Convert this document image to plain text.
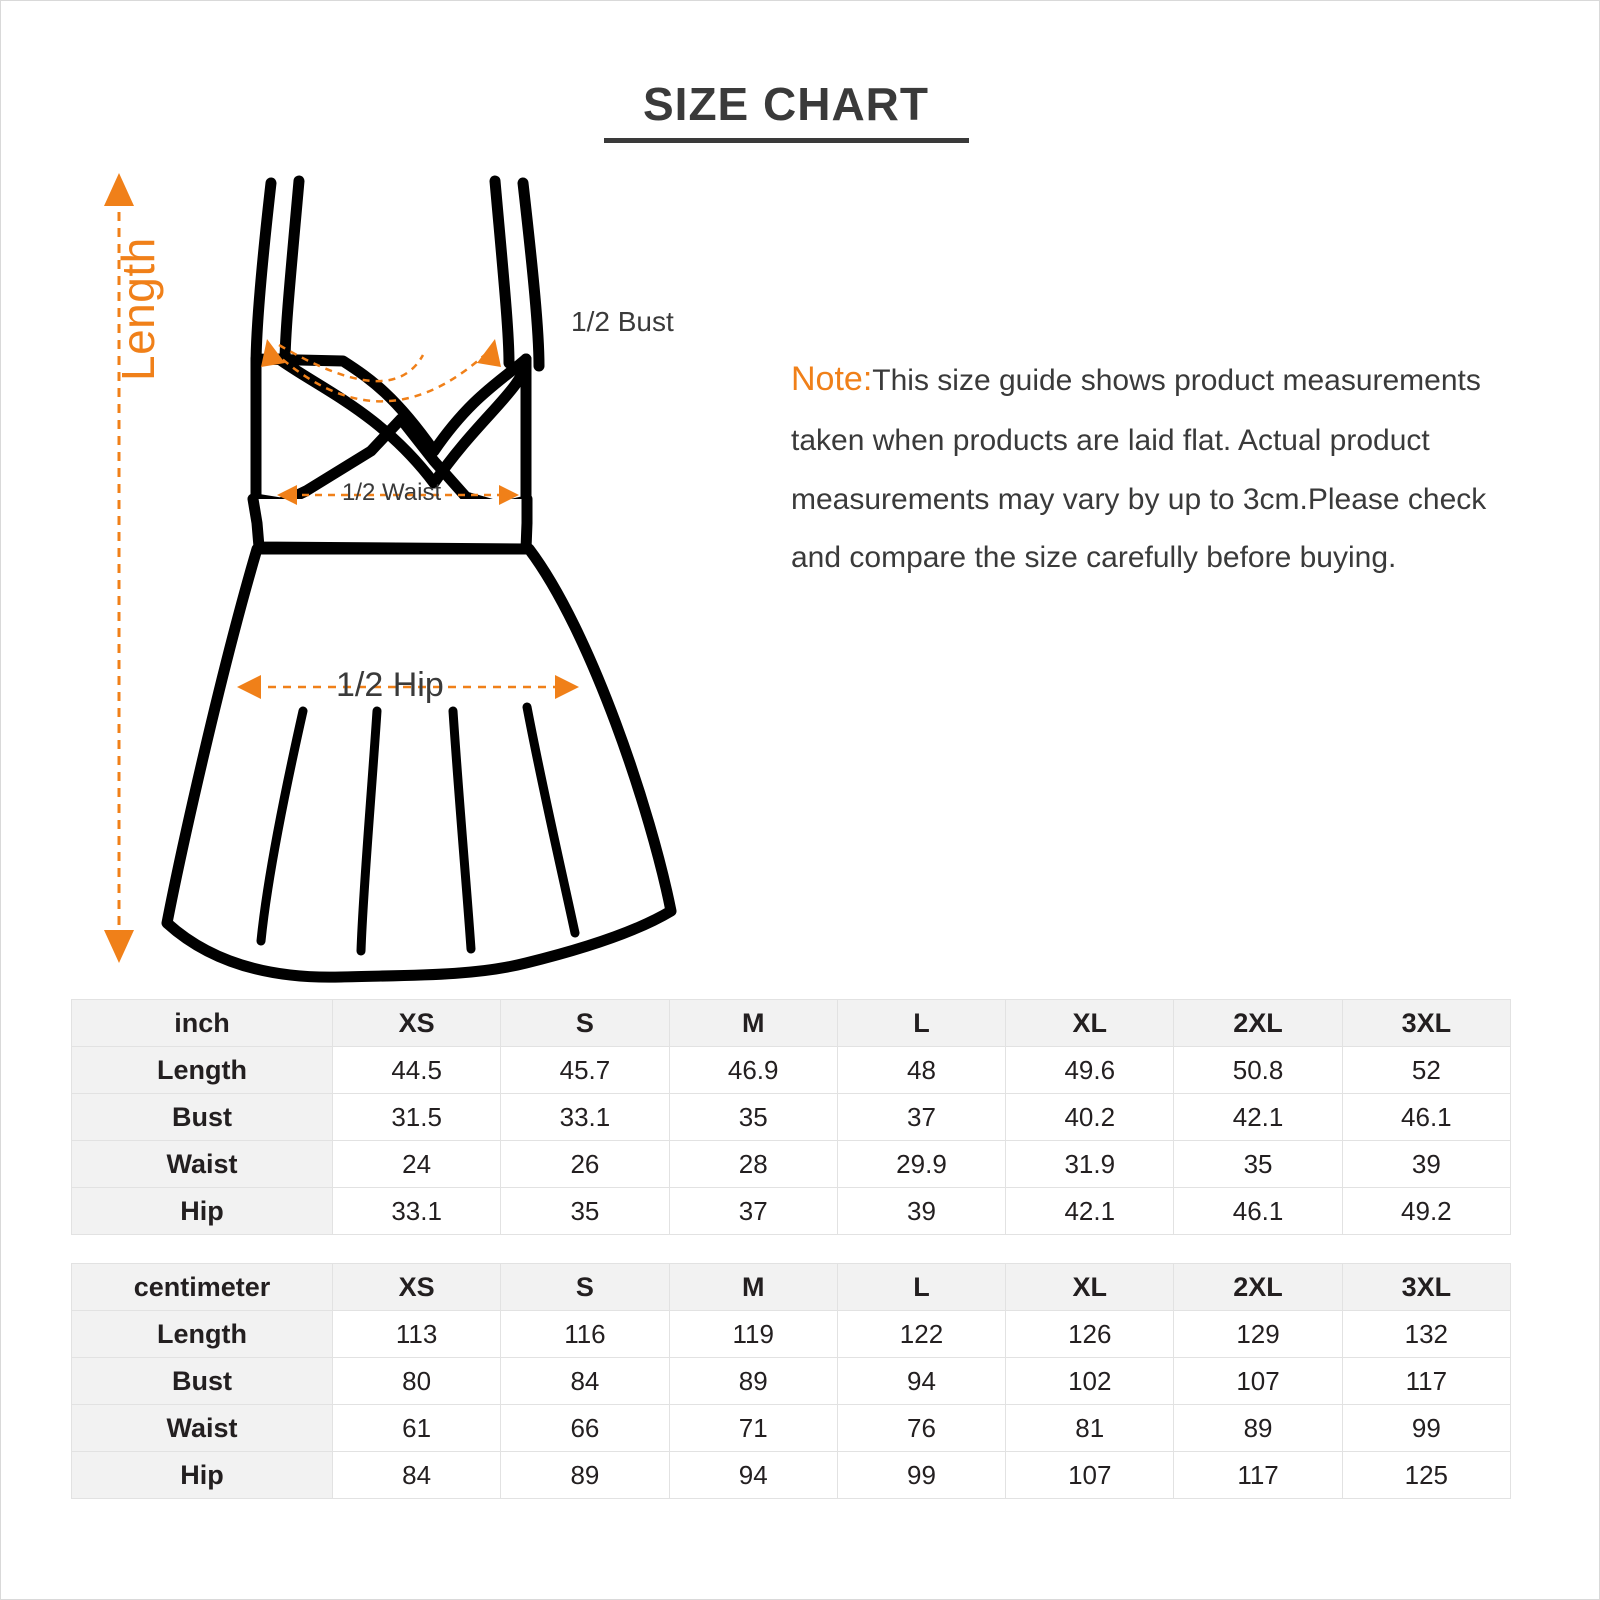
SIZE CHART
Note:This size guide shows product measurements taken when products are laid flat. Actual product measurements may vary by up to 3cm.Please check and compare the size carefully before buying.
Length	1/2 Bust
1/2 Waist
1/2 Hip
inch	XS	S	M	L	XL	2XL	3XL
Length	44.5	45.7	46.9	48	49.6	50.8	52
Bust	31.5	33.1	35	37	40.2	42.1	46.1
Waist	24	26	28	29.9	31.9	35	39
Hip	33.1	35	37	39	42.1	46.1	49.2
centimeter	XS	S	M	L	XL	2XL	3XL
Length	113	116	119	122	126	129	132
Bust	80	84	89	94	102	107	117
Waist	61	66	71	76	81	89	99
Hip	84	89	94	99	107	117	125
